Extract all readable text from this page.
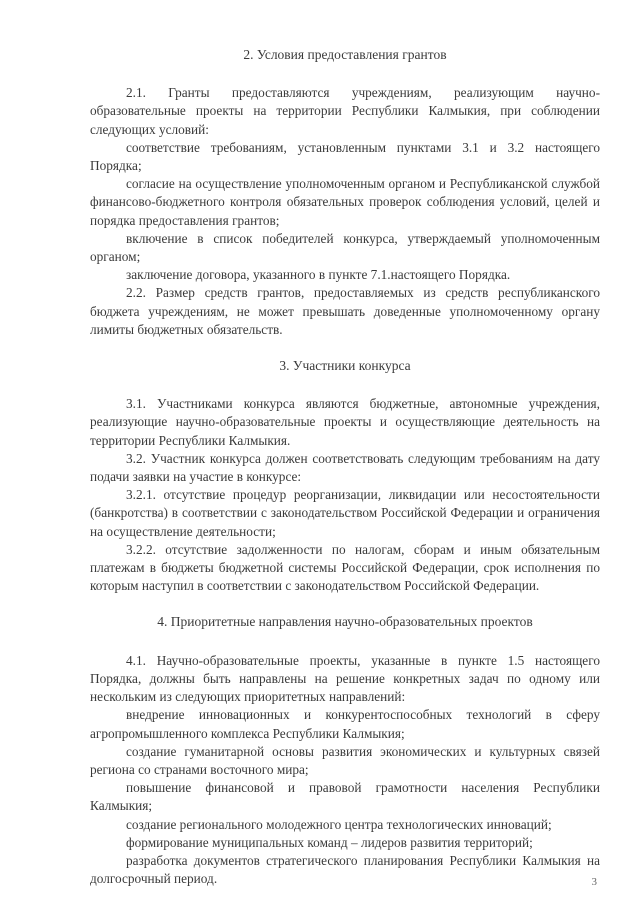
2. Условия предоставления грантов

2.1. Гранты предоставляются учреждениям, реализующим научно-образовательные проекты на территории Республики Калмыкия, при соблюдении следующих условий:

соответствие требованиям, установленным пунктами 3.1 и 3.2 настоящего Порядка;

согласие на осуществление уполномоченным органом и Республиканской службой финансово-бюджетного контроля обязательных проверок соблюдения условий, целей и порядка предоставления грантов;

включение в список победителей конкурса, утверждаемый уполномоченным органом;

заключение договора, указанного в пункте 7.1.настоящего Порядка.

2.2. Размер средств грантов, предоставляемых из средств республиканского бюджета учреждениям, не может превышать доведенные уполномоченному органу лимиты бюджетных обязательств.

3. Участники конкурса

3.1. Участниками конкурса являются бюджетные, автономные учреждения, реализующие научно-образовательные проекты и осуществляющие деятельность на территории Республики Калмыкия.

3.2. Участник конкурса должен соответствовать следующим требованиям на дату подачи заявки на участие в конкурсе:

3.2.1. отсутствие процедур реорганизации, ликвидации или несостоятельности (банкротства) в соответствии с законодательством Российской Федерации и ограничения на осуществление деятельности;

3.2.2. отсутствие задолженности по налогам, сборам и иным обязательным платежам в бюджеты бюджетной системы Российской Федерации, срок исполнения по которым наступил в соответствии с законодательством Российской Федерации.

4. Приоритетные направления научно-образовательных проектов

4.1. Научно-образовательные проекты, указанные в пункте 1.5 настоящего Порядка, должны быть направлены на решение конкретных задач по одному или нескольким из следующих приоритетных направлений:

внедрение инновационных и конкурентоспособных технологий в сферу агропромышленного комплекса Республики Калмыкия;

создание гуманитарной основы развития экономических и культурных связей региона со странами восточного мира;

повышение финансовой и правовой грамотности населения Республики Калмыкия;

создание регионального молодежного центра технологических инноваций;

формирование муниципальных команд – лидеров развития территорий;

разработка документов стратегического планирования Республики Калмыкия на долгосрочный период.	3
